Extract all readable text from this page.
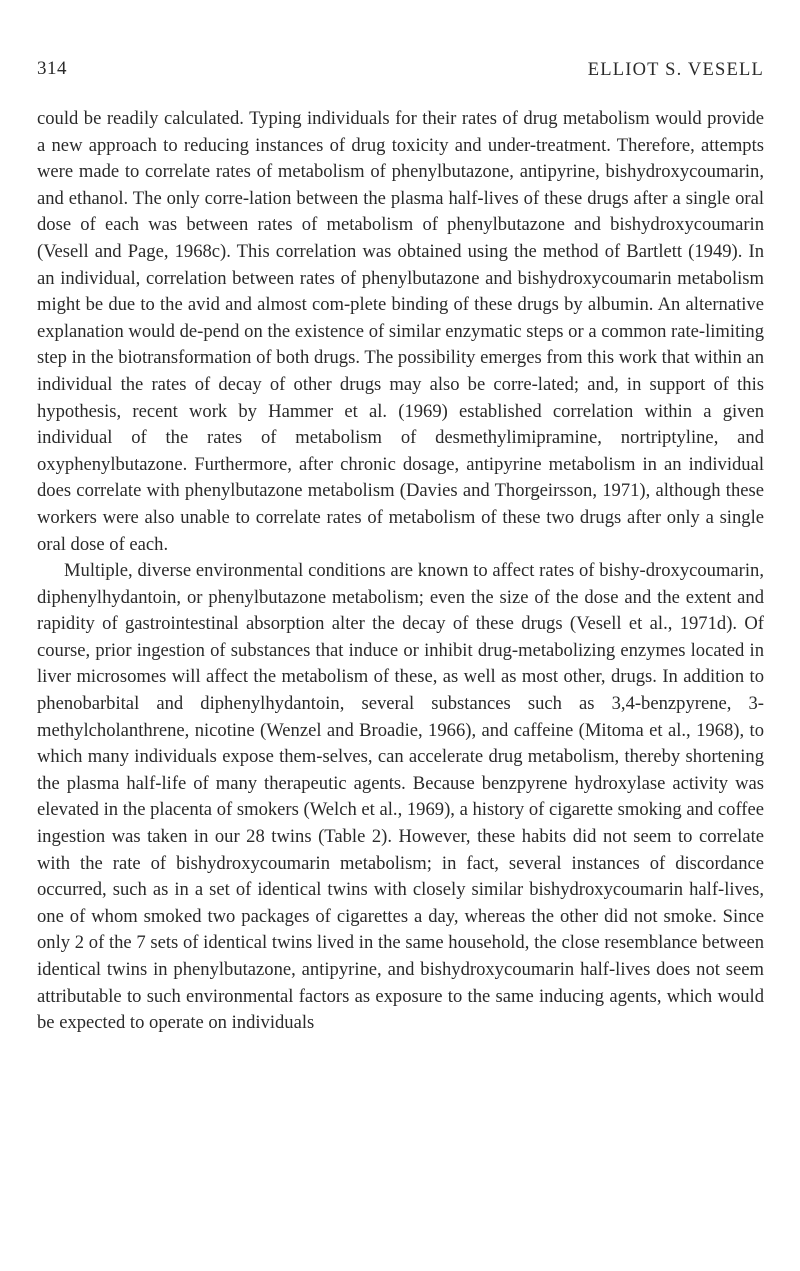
314	ELLIOT S. VESELL

could be readily calculated. Typing individuals for their rates of drug metabolism would provide a new approach to reducing instances of drug toxicity and under-treatment. Therefore, attempts were made to correlate rates of metabolism of phenylbutazone, antipyrine, bishydroxycoumarin, and ethanol. The only corre-lation between the plasma half-lives of these drugs after a single oral dose of each was between rates of metabolism of phenylbutazone and bishydroxycoumarin (Vesell and Page, 1968c). This correlation was obtained using the method of Bartlett (1949). In an individual, correlation between rates of phenylbutazone and bishydroxycoumarin metabolism might be due to the avid and almost com-plete binding of these drugs by albumin. An alternative explanation would de-pend on the existence of similar enzymatic steps or a common rate-limiting step in the biotransformation of both drugs. The possibility emerges from this work that within an individual the rates of decay of other drugs may also be corre-lated; and, in support of this hypothesis, recent work by Hammer et al. (1969) established correlation within a given individual of the rates of metabolism of desmethylimipramine, nortriptyline, and oxyphenylbutazone. Furthermore, after chronic dosage, antipyrine metabolism in an individual does correlate with phenylbutazone metabolism (Davies and Thorgeirsson, 1971), although these workers were also unable to correlate rates of metabolism of these two drugs after only a single oral dose of each.

Multiple, diverse environmental conditions are known to affect rates of bishy-droxycoumarin, diphenylhydantoin, or phenylbutazone metabolism; even the size of the dose and the extent and rapidity of gastrointestinal absorption alter the decay of these drugs (Vesell et al., 1971d). Of course, prior ingestion of substances that induce or inhibit drug-metabolizing enzymes located in liver microsomes will affect the metabolism of these, as well as most other, drugs. In addition to phenobarbital and diphenylhydantoin, several substances such as 3,4-benzpyrene, 3-methylcholanthrene, nicotine (Wenzel and Broadie, 1966), and caffeine (Mitoma et al., 1968), to which many individuals expose them-selves, can accelerate drug metabolism, thereby shortening the plasma half-life of many therapeutic agents. Because benzpyrene hydroxylase activity was elevated in the placenta of smokers (Welch et al., 1969), a history of cigarette smoking and coffee ingestion was taken in our 28 twins (Table 2). However, these habits did not seem to correlate with the rate of bishydroxycoumarin metabolism; in fact, several instances of discordance occurred, such as in a set of identical twins with closely similar bishydroxycoumarin half-lives, one of whom smoked two packages of cigarettes a day, whereas the other did not smoke. Since only 2 of the 7 sets of identical twins lived in the same household, the close resemblance between identical twins in phenylbutazone, antipyrine, and bishydroxycoumarin half-lives does not seem attributable to such environmental factors as exposure to the same inducing agents, which would be expected to operate on individuals
